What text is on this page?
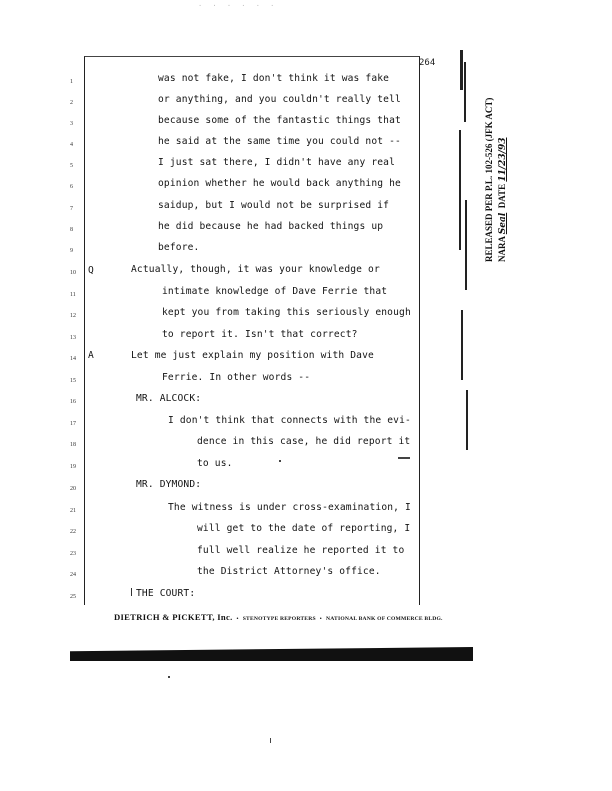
· · · · · ·
264
1
2
3
4
5
6
7
8
9
10
11
12
13
14
15
16
17
18
19
20
21
22
23
24
25
Q
A
was not fake, I don't think it was fake
or anything, and you couldn't really tell
because some of the fantastic things that
he said at the same time you could not --
I just sat there, I didn't have any real
opinion whether he would back anything he
saidup, but I would not be surprised if
he did because he had backed things up
before.
Actually, though, it was your knowledge or
intimate knowledge of Dave Ferrie that
kept you from taking this seriously enough
to report it. Isn't that correct?
Let me just explain my position with Dave
Ferrie. In other words --
MR. ALCOCK:
I don't think that connects with the evi-
dence in this case, he did report it
to us.
MR. DYMOND:
The witness is under cross-examination, I
will get to the date of reporting, I
full well realize he reported it to
the District Attorney's office.
THE COURT:
DIETRICH & PICKETT, Inc. • STENOTYPE REPORTERS • NATIONAL BANK OF COMMERCE BLDG.
RELEASED PER P.L. 102-526 (JFK ACT) NARA Seal  DATE 11/23/93
